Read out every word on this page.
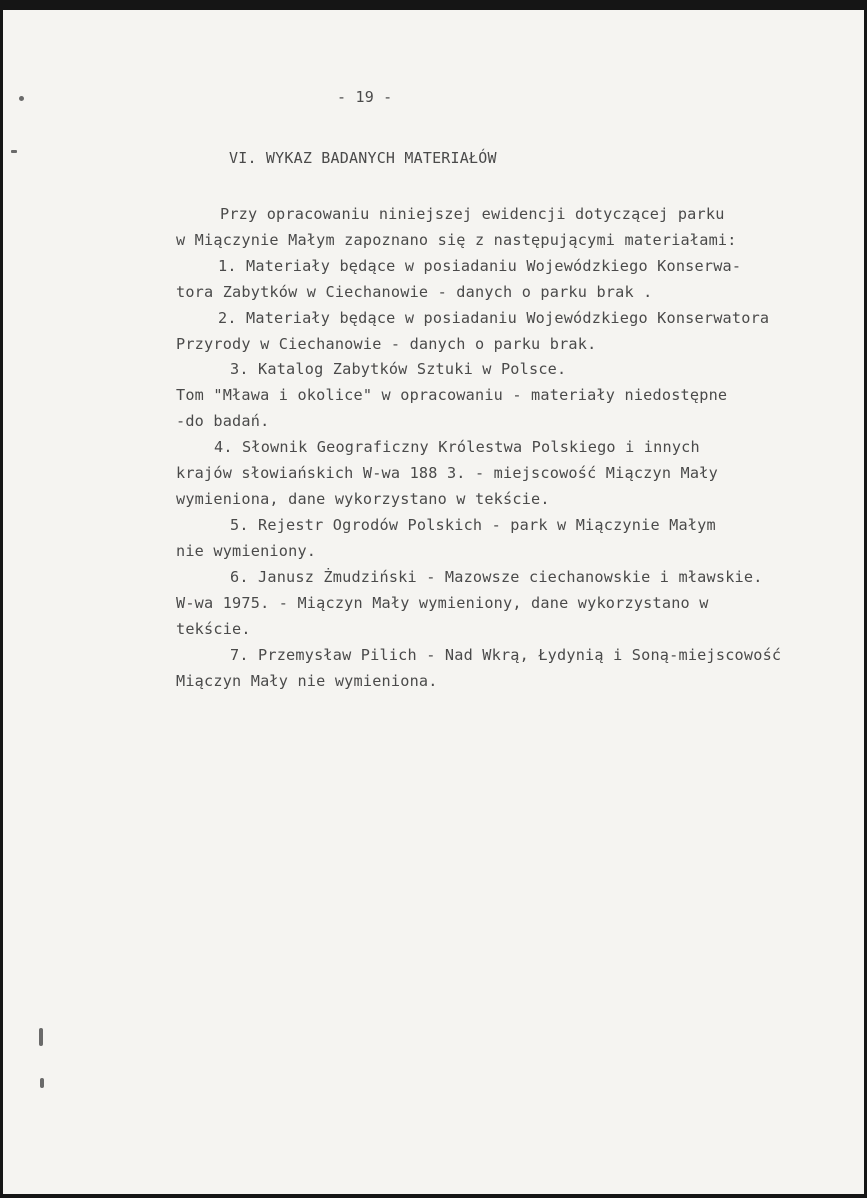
- 19 -
VI. WYKAZ BADANYCH MATERIAŁÓW
Przy opracowaniu niniejszej ewidencji dotyczącej parku
w Miączynie Małym zapoznano się z następującymi materiałami:
1. Materiały będące w posiadaniu Wojewódzkiego Konserwa-
tora Zabytków w Ciechanowie - danych o parku brak .
2. Materiały będące w posiadaniu Wojewódzkiego Konserwatora
Przyrody w Ciechanowie - danych o parku brak.
3. Katalog Zabytków Sztuki w Polsce.
Tom "Mława i okolice" w opracowaniu - materiały niedostępne
-do badań.
4. Słownik Geograficzny Królestwa Polskiego i innych
krajów słowiańskich W-wa 188 3. - miejscowość Miączyn Mały
wymieniona, dane wykorzystano w tekście.
5. Rejestr Ogrodów Polskich - park w Miączynie Małym
nie wymieniony.
6. Janusz Żmudziński - Mazowsze ciechanowskie i mławskie.
W-wa 1975. - Miączyn Mały wymieniony, dane wykorzystano w
tekście.
7. Przemysław Pilich - Nad Wkrą, Łydynią i Soną-miejscowość
Miączyn Mały nie wymieniona.
